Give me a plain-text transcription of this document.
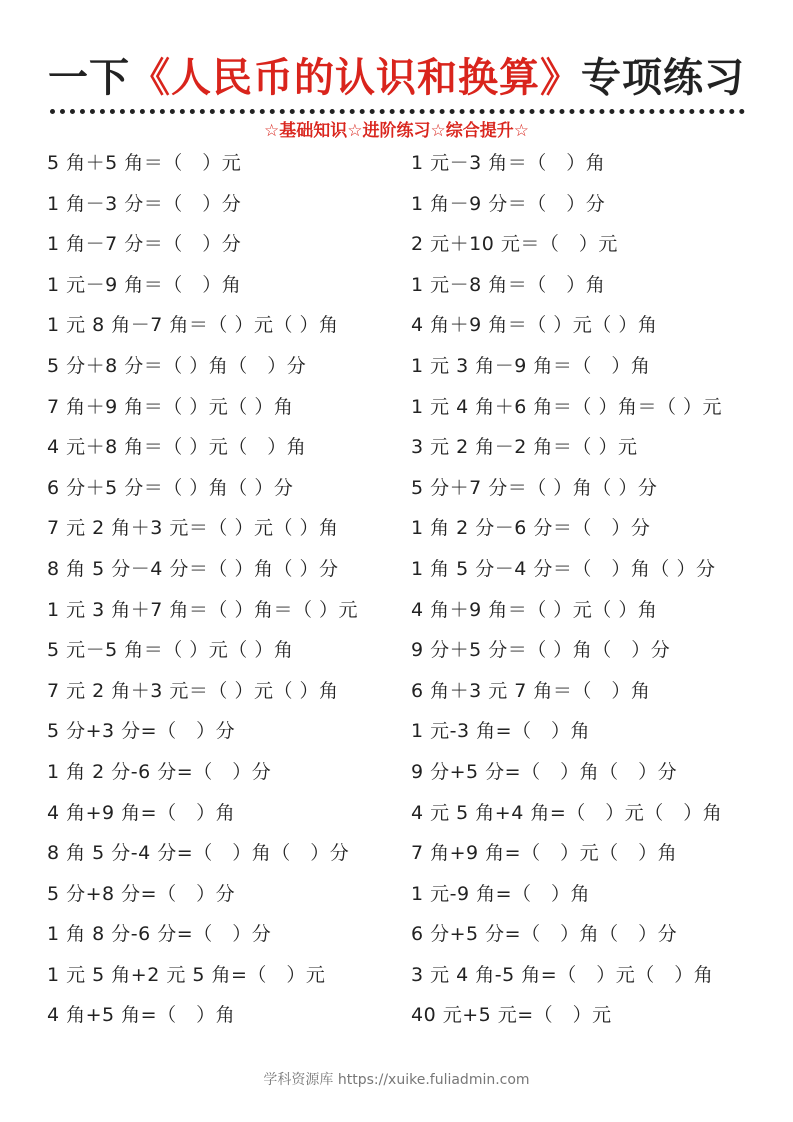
一下《人民币的认识和换算》专项练习
☆基础知识☆进阶练习☆综合提升☆
5 角＋5 角＝（　）元
1 角－3 分＝（　）分
1 角－7 分＝（　）分
1 元－9 角＝（　）角
1 元 8 角－7 角＝（ ）元（ ）角
5 分＋8 分＝（ ）角（　）分
7 角＋9 角＝（ ）元（ ）角
4 元＋8 角＝（ ）元（　）角
6 分＋5 分＝（ ）角（ ）分
7 元 2 角＋3 元＝（ ）元（ ）角
8 角 5 分－4 分＝（ ）角（ ）分
1 元 3 角＋7 角＝（ ）角＝（ ）元
5 元－5 角＝（ ）元（ ）角
7 元 2 角＋3 元＝（ ）元（ ）角
5 分+3 分=（　）分
1 角 2 分-6 分=（　）分
4 角+9 角=（　）角
8 角 5 分-4 分=（　）角（　）分
5 分+8 分=（　）分
1 角 8 分-6 分=（　）分
1 元 5 角+2 元 5 角=（　）元
4 角+5 角=（　）角
1 元－3 角＝（　）角
1 角－9 分＝（　）分
2 元＋10 元＝（　）元
1 元－8 角＝（　）角
4 角＋9 角＝（ ）元（ ）角
1 元 3 角－9 角＝（　）角
1 元 4 角＋6 角＝（ ）角＝（ ）元
3 元 2 角－2 角＝（ ）元
5 分＋7 分＝（ ）角（ ）分
1 角 2 分－6 分＝（　）分
1 角 5 分－4 分＝（　）角（ ）分
4 角＋9 角＝（ ）元（ ）角
9 分＋5 分＝（ ）角（　）分
6 角＋3 元 7 角＝（　）角
1 元-3 角=（　）角
9 分+5 分=（　）角（　）分
4 元 5 角+4 角=（　）元（　）角
7 角+9 角=（　）元（　）角
1 元-9 角=（　）角
6 分+5 分=（　）角（　）分
3 元 4 角-5 角=（　）元（　）角
40 元+5 元=（　）元
学科资源库 https://xuike.fuliadmin.com
